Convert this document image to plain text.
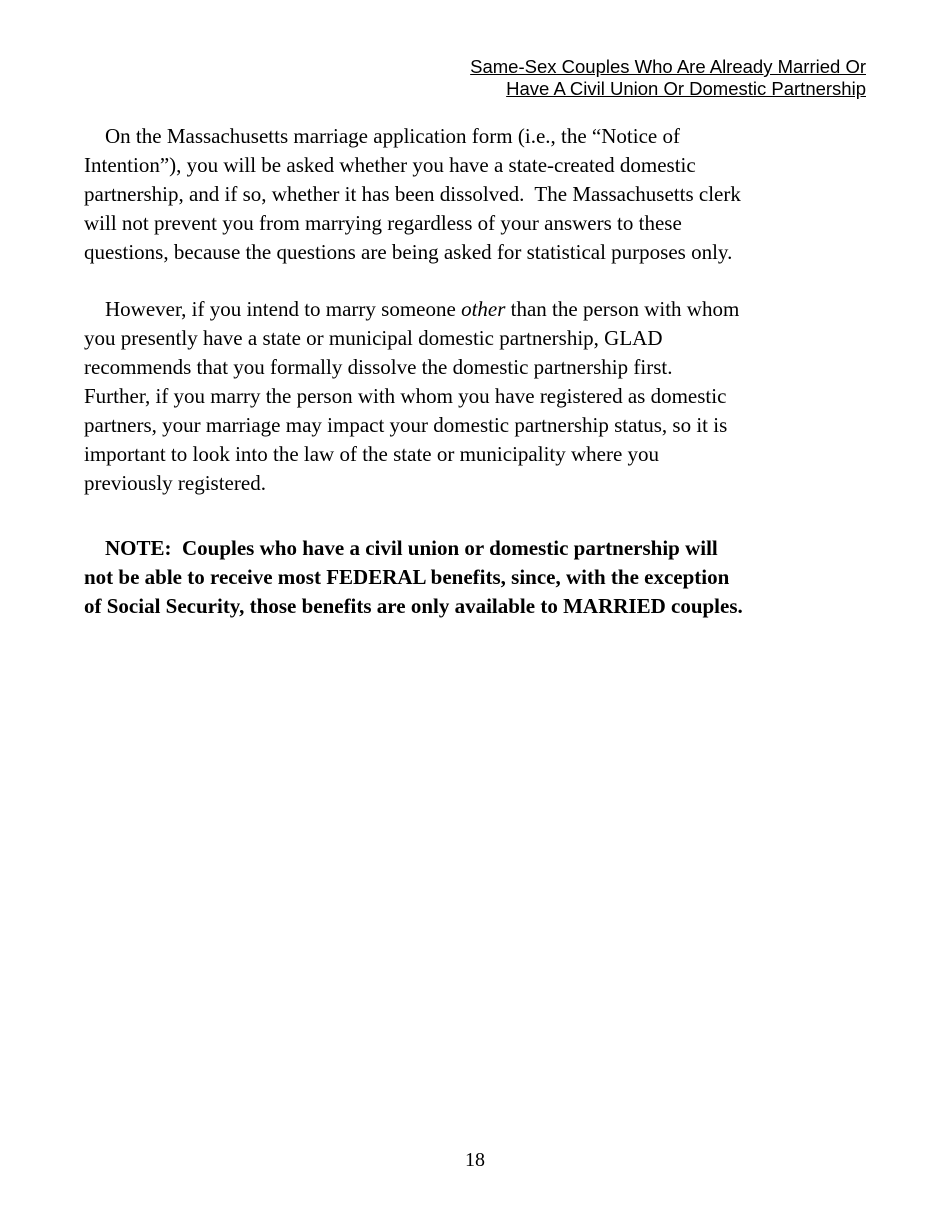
Same-Sex Couples Who Are Already Married Or
Have A Civil Union Or Domestic Partnership
On the Massachusetts marriage application form (i.e., the “Notice of
Intention”), you will be asked whether you have a state-created domestic
partnership, and if so, whether it has been dissolved.  The Massachusetts clerk
will not prevent you from marrying regardless of your answers to these
questions, because the questions are being asked for statistical purposes only.
However, if you intend to marry someone other than the person with whom
you presently have a state or municipal domestic partnership, GLAD
recommends that you formally dissolve the domestic partnership first.
Further, if you marry the person with whom you have registered as domestic
partners, your marriage may impact your domestic partnership status, so it is
important to look into the law of the state or municipality where you
previously registered.
NOTE:  Couples who have a civil union or domestic partnership will
not be able to receive most FEDERAL benefits, since, with the exception
of Social Security, those benefits are only available to MARRIED couples.
18
